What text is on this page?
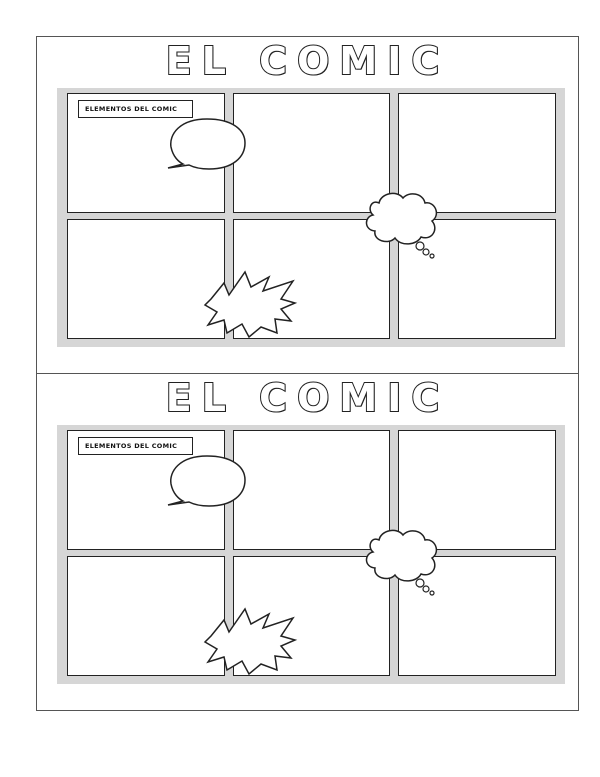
EL COMIC
ELEMENTOS DEL COMIC
EL COMIC
ELEMENTOS DEL COMIC
